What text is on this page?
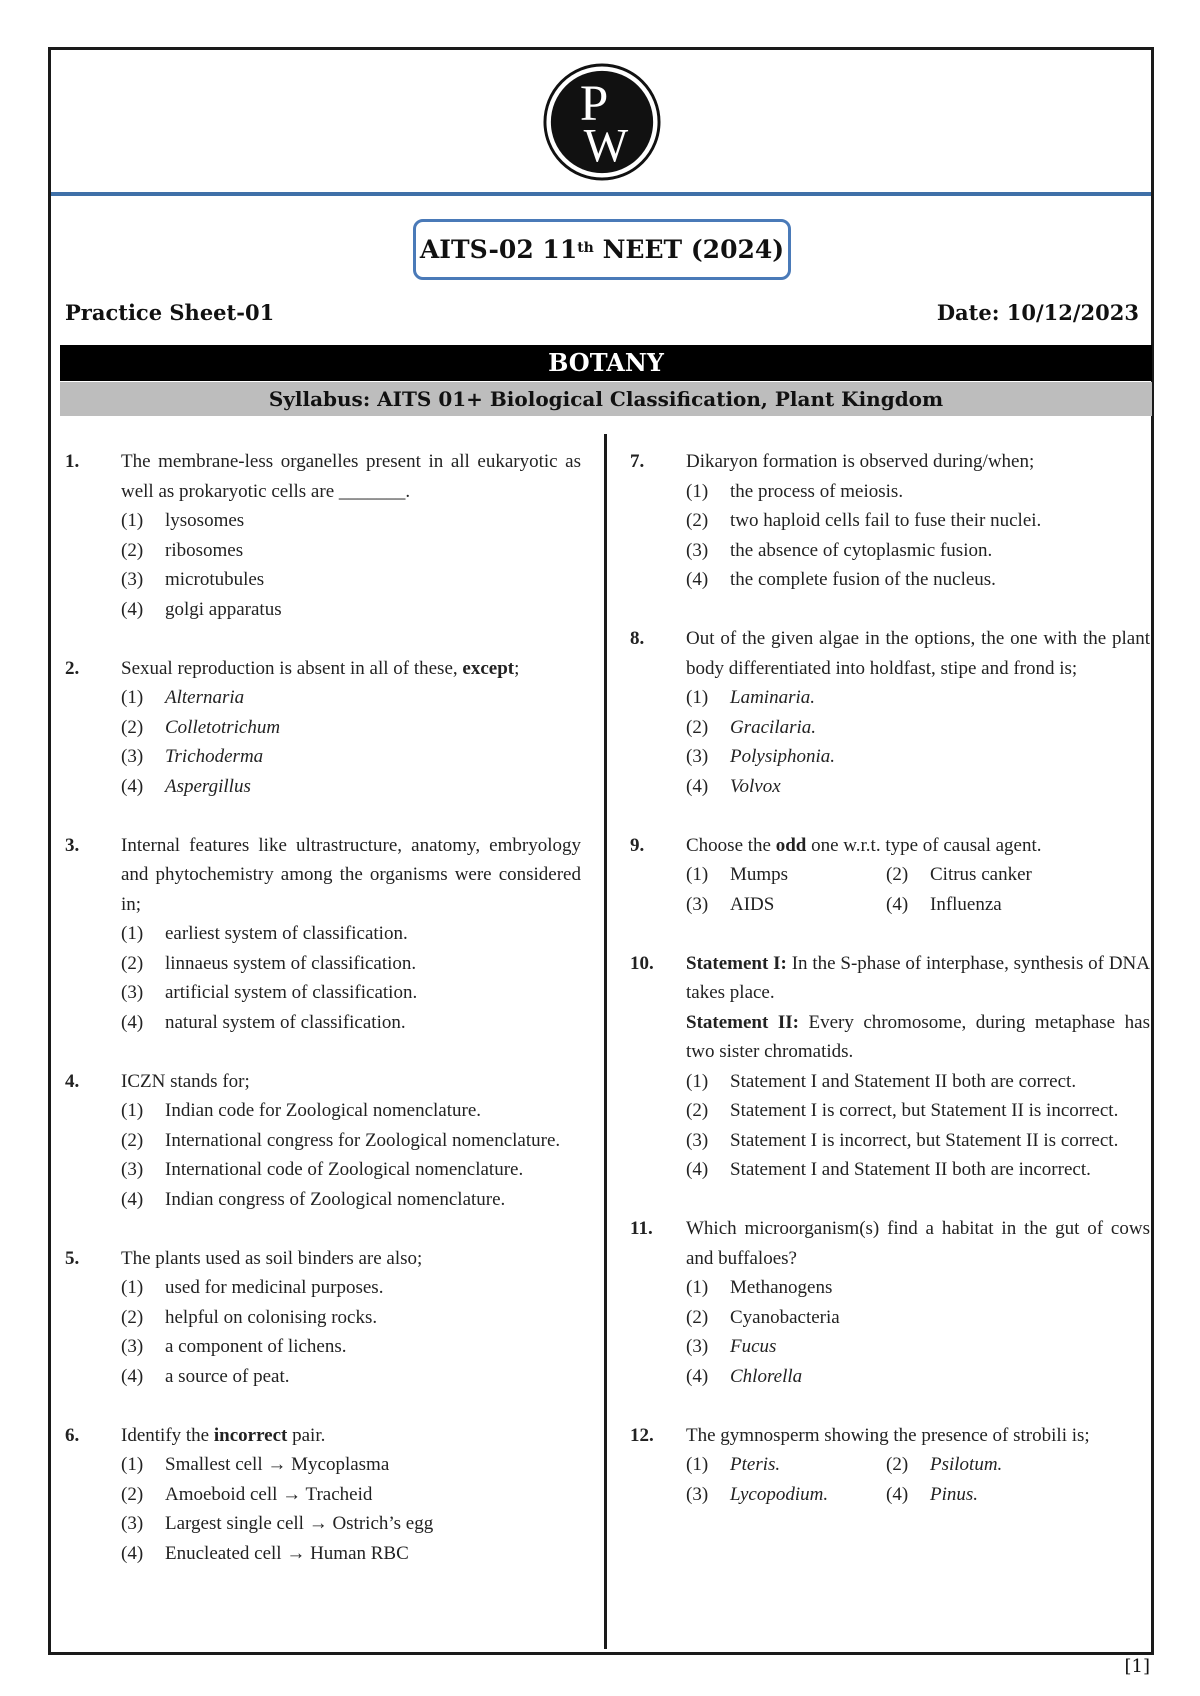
P
W
AITS-02 11th NEET (2024)
Practice Sheet-01	Date: 10/12/2023
BOTANY
Syllabus: AITS 01+ Biological Classification, Plant Kingdom
1. The membrane-less organelles present in all eukaryotic as well as prokaryotic cells are _______.
(1) lysosomes
(2) ribosomes
(3) microtubules
(4) golgi apparatus
2. Sexual reproduction is absent in all of these, except;
(1) Alternaria
(2) Colletotrichum
(3) Trichoderma
(4) Aspergillus
3. Internal features like ultrastructure, anatomy, embryology and phytochemistry among the organisms were considered in;
(1) earliest system of classification.
(2) linnaeus system of classification.
(3) artificial system of classification.
(4) natural system of classification.
4. ICZN stands for;
(1) Indian code for Zoological nomenclature.
(2) International congress for Zoological nomenclature.
(3) International code of Zoological nomenclature.
(4) Indian congress of Zoological nomenclature.
5. The plants used as soil binders are also;
(1) used for medicinal purposes.
(2) helpful on colonising rocks.
(3) a component of lichens.
(4) a source of peat.
6. Identify the incorrect pair.
(1) Smallest cell → Mycoplasma
(2) Amoeboid cell → Tracheid
(3) Largest single cell → Ostrich’s egg
(4) Enucleated cell → Human RBC
7. Dikaryon formation is observed during/when;
(1) the process of meiosis.
(2) two haploid cells fail to fuse their nuclei.
(3) the absence of cytoplasmic fusion.
(4) the complete fusion of the nucleus.
8. Out of the given algae in the options, the one with the plant body differentiated into holdfast, stipe and frond is;
(1) Laminaria.
(2) Gracilaria.
(3) Polysiphonia.
(4) Volvox
9. Choose the odd one w.r.t. type of causal agent.
(1) Mumps	(2) Citrus canker
(3) AIDS	(4) Influenza
10. Statement I: In the S-phase of interphase, synthesis of DNA takes place.
Statement II: Every chromosome, during metaphase has two sister chromatids.
(1) Statement I and Statement II both are correct.
(2) Statement I is correct, but Statement II is incorrect.
(3) Statement I is incorrect, but Statement II is correct.
(4) Statement I and Statement II both are incorrect.
11. Which microorganism(s) find a habitat in the gut of cows and buffaloes?
(1) Methanogens
(2) Cyanobacteria
(3) Fucus
(4) Chlorella
12. The gymnosperm showing the presence of strobili is;
(1) Pteris.	(2) Psilotum.
(3) Lycopodium.	(4) Pinus.
[1]
